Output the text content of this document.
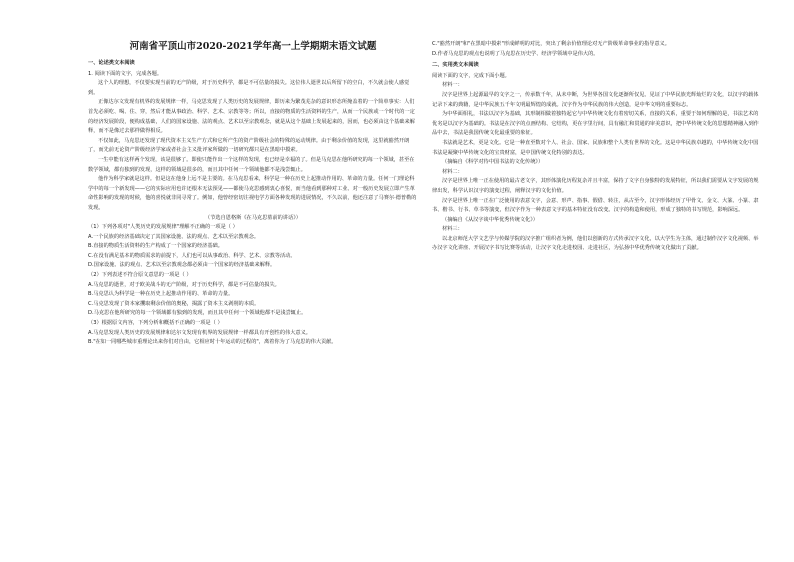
河南省平顶山市2020-2021学年高一上学期期末语文试题
一、论述类文本阅读

1. 阅读下面的文字，完成各题。

这个人的理想，不仅要实现当前的无产阶级，对于历史科学，都是不可估量的损失。这位伟人逝世以后所留下的空白，不久就会使人感觉到。

正像达尔文发现有机界的发展规律一样，马克思发现了人类历史的发展规律，即历来为繁茂芜杂的意识形态所掩盖着的一个简单事实：人们首先必须吃、喝、住、穿，然后才能从事政治、科学、艺术、宗教等等；所以，直接的物质的生活资料的生产，从而一个民族或一个时代的一定的经济发展阶段，便构成基础，人们的国家设施、法的观点、艺术以至宗教观念，就是从这个基础上发展起来的，因而，也必须由这个基础来解释，而不是像过去那样做得相反。

不仅如此，马克思还发现了现代资本主义生产方式和它所产生的资产阶级社会的特殊的运动规律。由于剩余价值的发现，这里就豁然开朗了，而先前无论资产阶级经济学家或者社会主义批评家所做的一切研究都只是在黑暗中摸索。

一生中能有这样两个发现，该是很够了。即使只能作出一个这样的发现，也已经是幸福的了。但是马克思在他所研究的每一个领域，甚至在数学领域，都有独到的发现，这样的领域是很多的，而且其中任何一个领域他都不是浅尝辄止。

他作为科学家就是这样。但是这在他身上远不是主要的。在马克思看来，科学是一种在历史上起推动作用的、革命的力量。任何一门理论科学中的每一个新发现——它的实际应用也许还根本无法预见——都使马克思感到衷心喜悦，而当他看到那种对工业、对一般历史发展立即产生革命性影响的发现的时候，他的喜悦就非同寻常了。例如，他曾经密切注视电学方面各种发现的进展情况，不久以前，他还注意了马赛尔·德普勒的发现。

（节选自恩格斯《在马克思墓前的讲话》）

（1）下列各项对"人类历史的发展规律"理解不正确的一项是（ ）

A.一个民族的经济基础决定了其国家设施、法的观点、艺术以至宗教观念。

B.直接的物质生活资料的生产构成了一个国家的经济基础。

C.在没有满足基本的物质需求的前提下，人们也可以从事政治、科学、艺术、宗教等活动。

D.国家设施、法的观点、艺术以至宗教观念都必须由一个国家的经济基础来解释。

（2）下列表述不符合原文意思的一项是（ ）

A.马克思的逝世，对于欧美战斗的无产阶级，对于历史科学，都是不可估量的损失。

B.马克思认为科学是一种在历史上起推动作用的、革命的力量。

C.马克思发现了资本家攫取剩余价值的奥秘，揭露了资本主义剥削的本质。

D.马克思在他所研究的每一个领域都有独到的发现，而且其中任何一个领域他都不是浅尝辄止。

（3）根据原文内容，下列分析和概括不正确的一项是（ ）

A.马克思发现人类历史的发展规律和达尔文发现有机界的发展规律一样都具有开创性的伟大意义。

B."在如一同哪些城市重理论出来你们对自由，它相应时十年运动的过程的"，离着你为了马克思的伟大贡献。

C."豁然开朗"和"在黑暗中摸索"形成鲜明的对比，突出了剩余价值理论对无产阶级革命事业的指导意义。

D.作者马克思的观点也说明了马克思在历史学、经济学领域中是伟大的。

二、实用类文本阅读

阅读下面的文字，完成下面小题。

材料一：

汉字是世界上起源最早的文字之一，传承数千年，从未中断，为世界各国文化逐渐所仅见。见证了中华民族光辉灿烂的文化，以汉字的载体记录下来的典籍，是中华民族五千年文明最辉煌的成就。汉字作为中华民族的伟大创造，是中华文明的重要标志。

为中华面相礼，书法以汉字为基础，其形制相做着独特起它与中华传统文化有着密切关系，直接的关系，重要于如何理解的是，书法艺术的优劣是以汉字为基础的。书法是在汉字的点画结构、它结构，更在字里行间，具有融汇和贯通的审美意识，把中华传统文化的思想精神融入到作品中去，书法是我国传统文化最重要的象征。

书法就是艺术，更是文化。它是一种直至数对个人、社会、国家、民族和整个人类有世界的文化。这是中华民族卓越的，中华传统文化中国书法是凝聚中华传统文化的宝贵财富，是中国传统文化特别的表达。

（摘编自《科学对待中国书法的文化传统》）

材料二：

汉字是世界上唯一正在使用的最古老文字，其形体演化历程复杂并且丰富，保持了文字自身独特的发展特征，所以我们需要从文字发展的规律出发，科学认识汉字的演变过程，阐释汉字的文化价值。

汉字是世界上唯一正在广泛使用的表意文字，会意、形声、指事、假借、转注，从古至今，汉字形体经历了甲骨文、金文、大篆、小篆、隶书、楷书、行书、草书等演变，但汉字作为一种表意文字的基本特征没有改变。汉字的构造和使用，形成了独特的书写规范，影响深远。

（摘编自《从汉字谈中华优秀传统文化》）

材料三：

以北京师范大学文艺学与传媒学院的汉字推广组织者为例，他们以创新的方式传承汉字文化，以大学生为主体，通过制作汉字文化视频、举办汉字文化讲座、开展汉字书写比赛等活动，让汉字文化走进校园、走进社区，为弘扬中华优秀传统文化做出了贡献。
